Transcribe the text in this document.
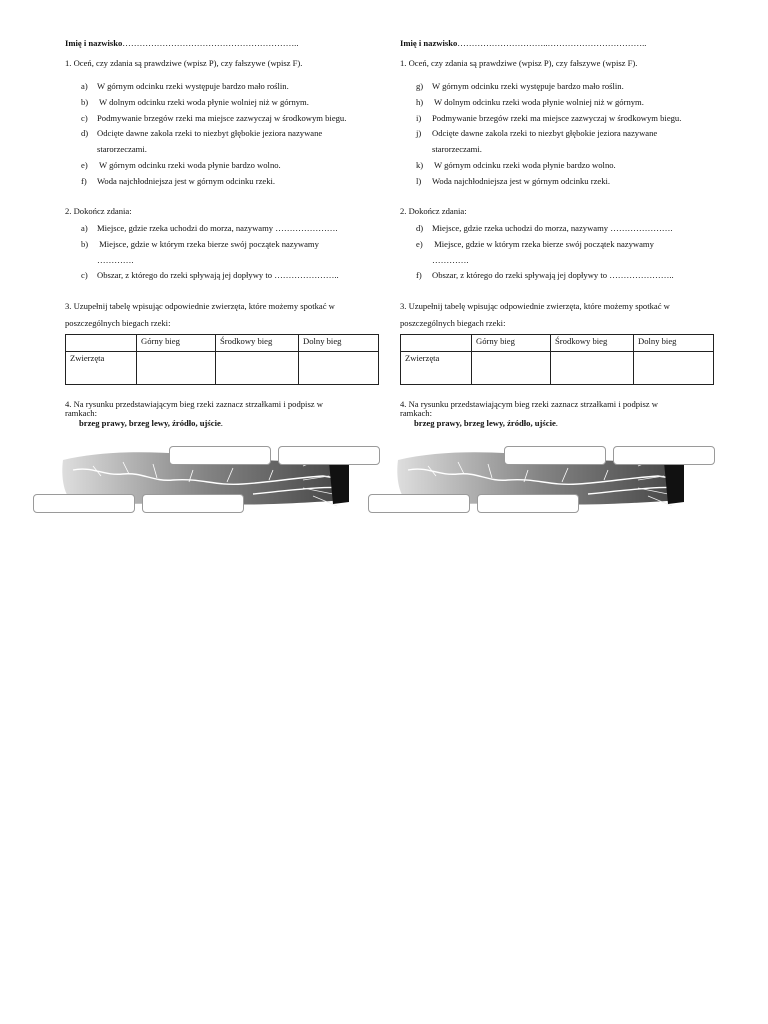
Imię i nazwisko……………………………………………………..
1. Oceń, czy zdania są prawdziwe (wpisz P), czy fałszywe (wpisz F).
a) W górnym odcinku rzeki występuje bardzo mało roślin.
b) W dolnym odcinku rzeki woda płynie wolniej niż w górnym.
c) Podmywanie brzegów rzeki ma miejsce zazwyczaj w środkowym biegu.
d) Odcięte dawne zakola rzeki to niezbyt głębokie jeziora nazywane
starorzeczami.
e) W górnym odcinku rzeki woda płynie bardzo wolno.
f) Woda najchłodniejsza jest w górnym odcinku rzeki.
2. Dokończ zdania:
a) Miejsce, gdzie rzeka uchodzi do morza, nazywamy ………………….
b) Miejsce, gdzie w którym rzeka bierze swój początek nazywamy
………….
c) Obszar, z którego do rzeki spływają jej dopływy to …………………..
3. Uzupełnij tabelę wpisując odpowiednie zwierzęta, które możemy spotkać w
poszczególnych biegach rzeki:
	Górny bieg	Środkowy bieg	Dolny bieg
Zwierzęta			
4. Na rysunku przedstawiającym bieg rzeki zaznacz strzałkami i podpisz w
ramkach:
brzeg prawy, brzeg lewy, źródło, ujście.
Imię i nazwisko…………………………..……………………………..
1. Oceń, czy zdania są prawdziwe (wpisz P), czy fałszywe (wpisz F).
g) W górnym odcinku rzeki występuje bardzo mało roślin.
h) W dolnym odcinku rzeki woda płynie wolniej niż w górnym.
i) Podmywanie brzegów rzeki ma miejsce zazwyczaj w środkowym biegu.
j) Odcięte dawne zakola rzeki to niezbyt głębokie jeziora nazywane
starorzeczami.
k) W górnym odcinku rzeki woda płynie bardzo wolno.
l) Woda najchłodniejsza jest w górnym odcinku rzeki.
2. Dokończ zdania:
d) Miejsce, gdzie rzeka uchodzi do morza, nazywamy ………………….
e) Miejsce, gdzie w którym rzeka bierze swój początek nazywamy
………….
f) Obszar, z którego do rzeki spływają jej dopływy to …………………..
3. Uzupełnij tabelę wpisując odpowiednie zwierzęta, które możemy spotkać w
poszczególnych biegach rzeki:
	Górny bieg	Środkowy bieg	Dolny bieg
Zwierzęta			
4. Na rysunku przedstawiającym bieg rzeki zaznacz strzałkami i podpisz w
ramkach:
brzeg prawy, brzeg lewy, źródło, ujście.
